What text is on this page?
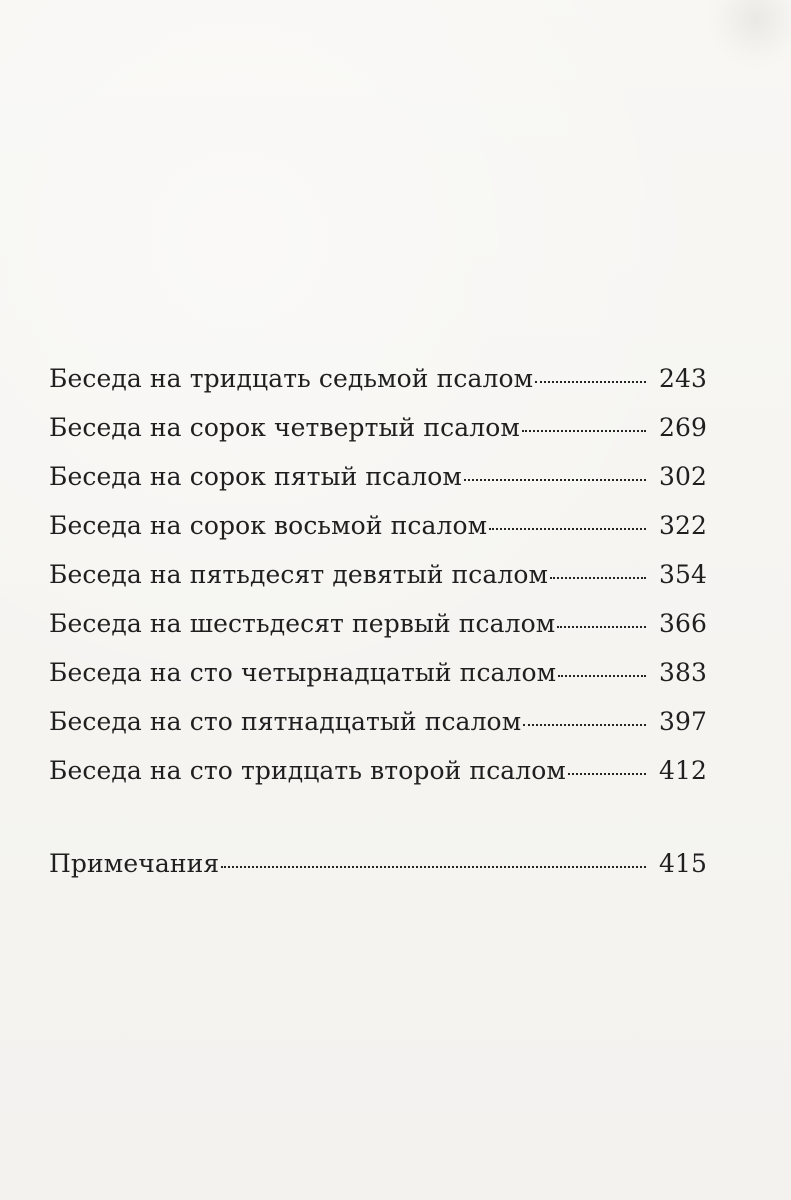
Беседа на тридцать седьмой псалом	243
Беседа на сорок четвертый псалом	269
Беседа на сорок пятый псалом	302
Беседа на сорок восьмой псалом	322
Беседа на пятьдесят девятый псалом	354
Беседа на шестьдесят первый псалом	366
Беседа на сто четырнадцатый псалом	383
Беседа на сто пятнадцатый псалом	397
Беседа на сто тридцать второй псалом	412
Примечания	415
